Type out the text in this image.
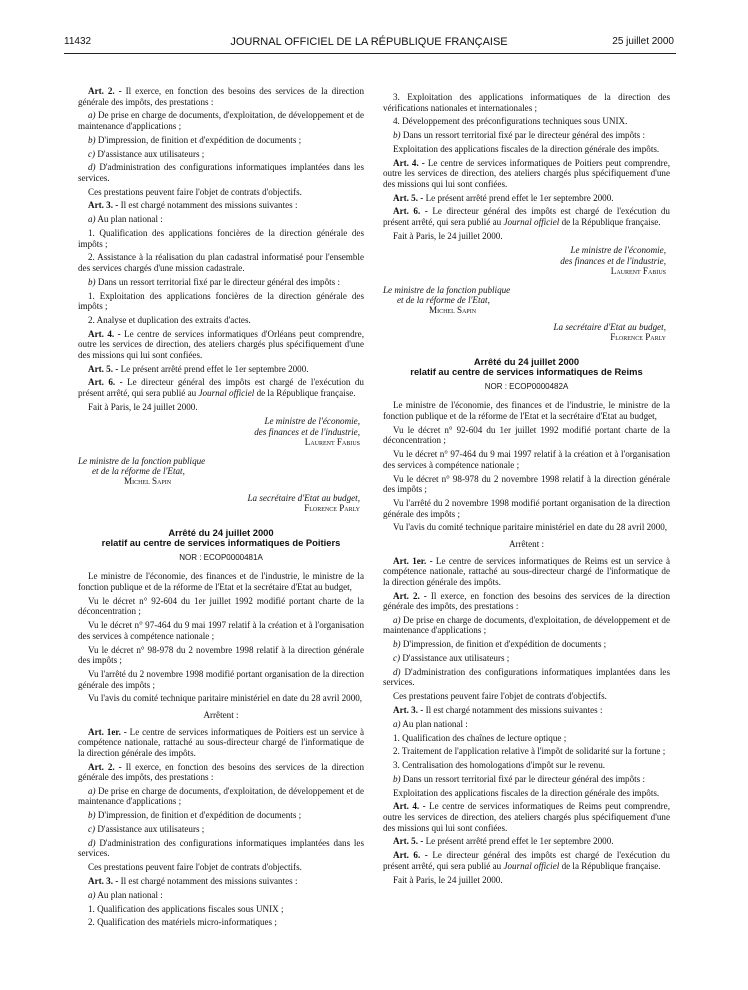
11432	JOURNAL OFFICIEL DE LA RÉPUBLIQUE FRANÇAISE	25 juillet 2000

Art. 2. - Il exerce, en fonction des besoins des services de la direction générale des impôts, des prestations :

a) De prise en charge de documents, d'exploitation, de développement et de maintenance d'applications ;

b) D'impression, de finition et d'expédition de documents ;

c) D'assistance aux utilisateurs ;

d) D'administration des configurations informatiques implantées dans les services.

Ces prestations peuvent faire l'objet de contrats d'objectifs.

Art. 3. - Il est chargé notamment des missions suivantes :

a) Au plan national :

1. Qualification des applications foncières de la direction générale des impôts ;

2. Assistance à la réalisation du plan cadastral informatisé pour l'ensemble des services chargés d'une mission cadastrale.

b) Dans un ressort territorial fixé par le directeur général des impôts :

1. Exploitation des applications foncières de la direction générale des impôts ;

2. Analyse et duplication des extraits d'actes.

Art. 4. - Le centre de services informatiques d'Orléans peut comprendre, outre les services de direction, des ateliers chargés plus spécifiquement d'une des missions qui lui sont confiées.

Art. 5. - Le présent arrêté prend effet le 1er septembre 2000.

Art. 6. - Le directeur général des impôts est chargé de l'exécution du présent arrêté, qui sera publié au Journal officiel de la République française.

Fait à Paris, le 24 juillet 2000.

Le ministre de l'économie,
des finances et de l'industrie,
Laurent Fabius
Le ministre de la fonction publique
et de la réforme de l'Etat,
Michel Sapin
La secrétaire d'Etat au budget,
Florence Parly
Arrêté du 24 juillet 2000
relatif au centre de services informatiques de Poitiers
NOR : ECOP0000481A

Le ministre de l'économie, des finances et de l'industrie, le ministre de la fonction publique et de la réforme de l'Etat et la secrétaire d'Etat au budget,

Vu le décret n° 92-604 du 1er juillet 1992 modifié portant charte de la déconcentration ;

Vu le décret n° 97-464 du 9 mai 1997 relatif à la création et à l'organisation des services à compétence nationale ;

Vu le décret n° 98-978 du 2 novembre 1998 relatif à la direction générale des impôts ;

Vu l'arrêté du 2 novembre 1998 modifié portant organisation de la direction générale des impôts ;

Vu l'avis du comité technique paritaire ministériel en date du 28 avril 2000,

Arrêtent :

Art. 1er. - Le centre de services informatiques de Poitiers est un service à compétence nationale, rattaché au sous-directeur chargé de l'informatique de la direction générale des impôts.

Art. 2. - Il exerce, en fonction des besoins des services de la direction générale des impôts, des prestations :

a) De prise en charge de documents, d'exploitation, de développement et de maintenance d'applications ;

b) D'impression, de finition et d'expédition de documents ;

c) D'assistance aux utilisateurs ;

d) D'administration des configurations informatiques implantées dans les services.

Ces prestations peuvent faire l'objet de contrats d'objectifs.

Art. 3. - Il est chargé notamment des missions suivantes :

a) Au plan national :

1. Qualification des applications fiscales sous UNIX ;

2. Qualification des matériels micro-informatiques ;

3. Exploitation des applications informatiques de la direction des vérifications nationales et internationales ;

4. Développement des préconfigurations techniques sous UNIX.

b) Dans un ressort territorial fixé par le directeur général des impôts :

Exploitation des applications fiscales de la direction générale des impôts.

Art. 4. - Le centre de services informatiques de Poitiers peut comprendre, outre les services de direction, des ateliers chargés plus spécifiquement d'une des missions qui lui sont confiées.

Art. 5. - Le présent arrêté prend effet le 1er septembre 2000.

Art. 6. - Le directeur général des impôts est chargé de l'exécution du présent arrêté, qui sera publié au Journal officiel de la République française.

Fait à Paris, le 24 juillet 2000.

Le ministre de l'économie,
des finances et de l'industrie,
Laurent Fabius
Le ministre de la fonction publique
et de la réforme de l'Etat,
Michel Sapin
La secrétaire d'Etat au budget,
Florence Parly
Arrêté du 24 juillet 2000
relatif au centre de services informatiques de Reims
NOR : ECOP0000482A

Le ministre de l'économie, des finances et de l'industrie, le ministre de la fonction publique et de la réforme de l'Etat et la secrétaire d'Etat au budget,

Vu le décret n° 92-604 du 1er juillet 1992 modifié portant charte de la déconcentration ;

Vu le décret n° 97-464 du 9 mai 1997 relatif à la création et à l'organisation des services à compétence nationale ;

Vu le décret n° 98-978 du 2 novembre 1998 relatif à la direction générale des impôts ;

Vu l'arrêté du 2 novembre 1998 modifié portant organisation de la direction générale des impôts ;

Vu l'avis du comité technique paritaire ministériel en date du 28 avril 2000,

Arrêtent :

Art. 1er. - Le centre de services informatiques de Reims est un service à compétence nationale, rattaché au sous-directeur chargé de l'informatique de la direction générale des impôts.

Art. 2. - Il exerce, en fonction des besoins des services de la direction générale des impôts, des prestations :

a) De prise en charge de documents, d'exploitation, de développement et de maintenance d'applications ;

b) D'impression, de finition et d'expédition de documents ;

c) D'assistance aux utilisateurs ;

d) D'administration des configurations informatiques implantées dans les services.

Ces prestations peuvent faire l'objet de contrats d'objectifs.

Art. 3. - Il est chargé notamment des missions suivantes :

a) Au plan national :

1. Qualification des chaînes de lecture optique ;

2. Traitement de l'application relative à l'impôt de solidarité sur la fortune ;

3. Centralisation des homologations d'impôt sur le revenu.

b) Dans un ressort territorial fixé par le directeur général des impôts :

Exploitation des applications fiscales de la direction générale des impôts.

Art. 4. - Le centre de services informatiques de Reims peut comprendre, outre les services de direction, des ateliers chargés plus spécifiquement d'une des missions qui lui sont confiées.

Art. 5. - Le présent arrêté prend effet le 1er septembre 2000.

Art. 6. - Le directeur général des impôts est chargé de l'exécution du présent arrêté, qui sera publié au Journal officiel de la République française.

Fait à Paris, le 24 juillet 2000.
